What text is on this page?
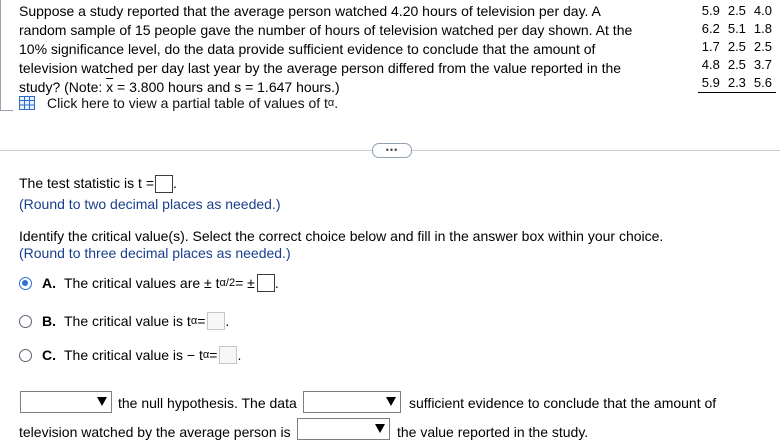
Suppose a study reported that the average person watched 4.20 hours of television per day. A
random sample of 15 people gave the number of hours of television watched per day shown. At the
10% significance level, do the data provide sufficient evidence to conclude that the amount of
television watched per day last year by the average person differed from the value reported in the
study? (Note: $\overline{x} = 3.800$ hours and s = 1.647 hours.)
Click here to view a partial table of values of t α .
5.9	2.5	4.0
6.2	5.1	1.8
1.7	2.5	2.5
4.8	2.5	3.7
5.9	2.3	5.6
•••
The test statistic is t = .
(Round to two decimal places as needed.)
Identify the critical value(s). Select the correct choice below and fill in the answer box within your choice.
(Round to three decimal places as needed.)
A. The critical values are ± t α/2 = ± .
B. The critical value is t α = .
C. The critical value is − t α = .
the null hypothesis. The data	sufficient evidence to conclude that the amount of
television watched by the average person is	the value reported in the study.
